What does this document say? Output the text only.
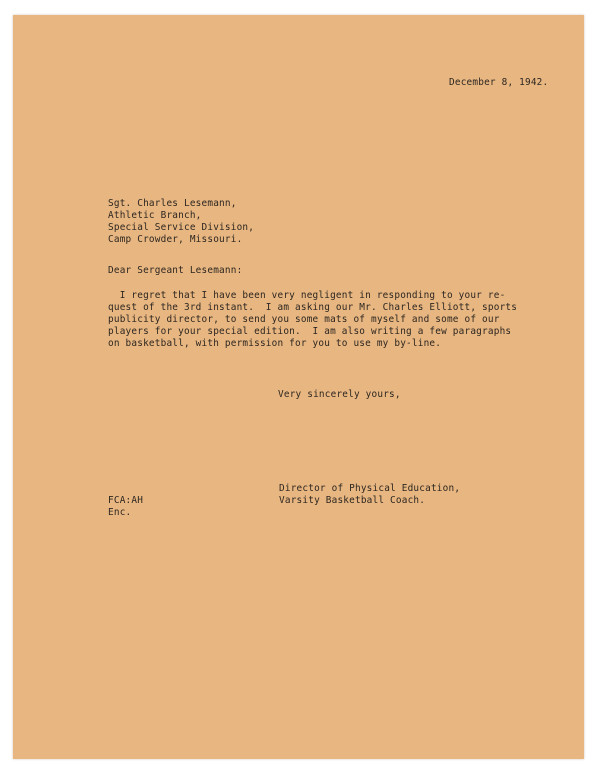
December 8, 1942.
Sgt. Charles Lesemann,
Athletic Branch,
Special Service Division,
Camp Crowder, Missouri.
Dear Sergeant Lesemann:
I regret that I have been very negligent in responding to your re-
quest of the 3rd instant.  I am asking our Mr. Charles Elliott, sports
publicity director, to send you some mats of myself and some of our
players for your special edition.  I am also writing a few paragraphs
on basketball, with permission for you to use my by-line.
Very sincerely yours,
Director of Physical Education,
Varsity Basketball Coach.
FCA:AH
Enc.
